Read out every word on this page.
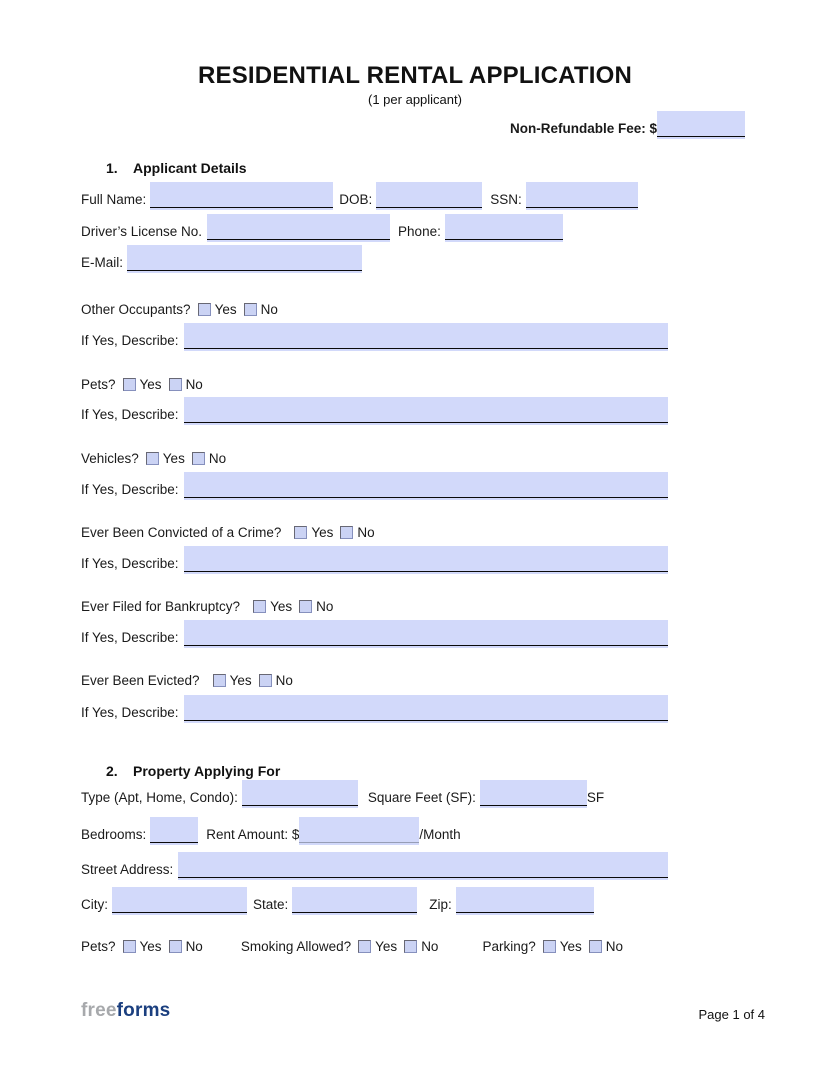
RESIDENTIAL RENTAL APPLICATION
(1 per applicant)
Non-Refundable Fee: $
1. Applicant Details
Full Name:	DOB:	SSN:
Driver’s License No.	Phone:
E-Mail:
Other Occupants? Yes No
If Yes, Describe:
Pets? Yes No
If Yes, Describe:
Vehicles? Yes No
If Yes, Describe:
Ever Been Convicted of a Crime? Yes No
If Yes, Describe:
Ever Filed for Bankruptcy? Yes No
If Yes, Describe:
Ever Been Evicted? Yes No
If Yes, Describe:
2. Property Applying For
Type (Apt, Home, Condo):	Square Feet (SF):	SF
Bedrooms:	Rent Amount: $	/Month
Street Address:
City:	State:	Zip:
Pets? Yes No	Smoking Allowed? Yes No	Parking? Yes No
freeforms	Page 1 of 4
